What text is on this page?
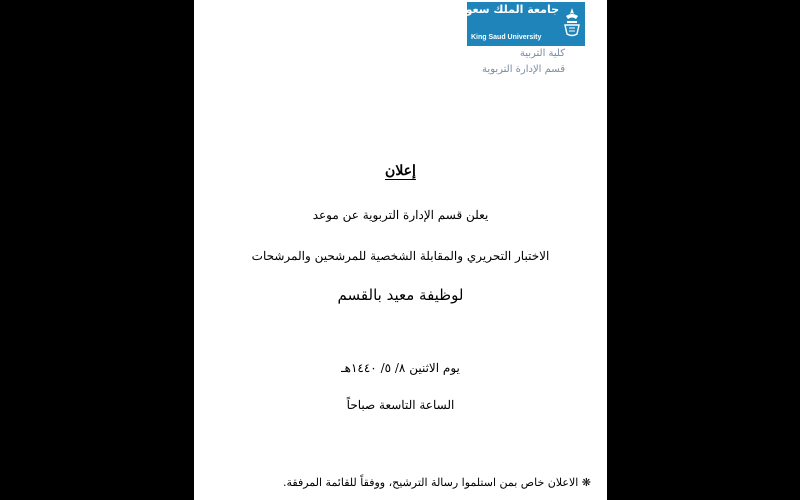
جامعة الملك سعود
King Saud University
كلية التربية
قسم الإدارة التربوية
إعلان
يعلن قسم الإدارة التربوية عن موعد
الاختبار التحريري والمقابلة الشخصية للمرشحين والمرشحات
لوظيفة معيد بالقسم
يوم الاثنين ٨/ ٥/ ١٤٤٠هـ
الساعة التاسعة صباحاً
❋ الاعلان خاص بمن استلموا رسالة الترشيح، ووفقاً للقائمة المرفقة.
